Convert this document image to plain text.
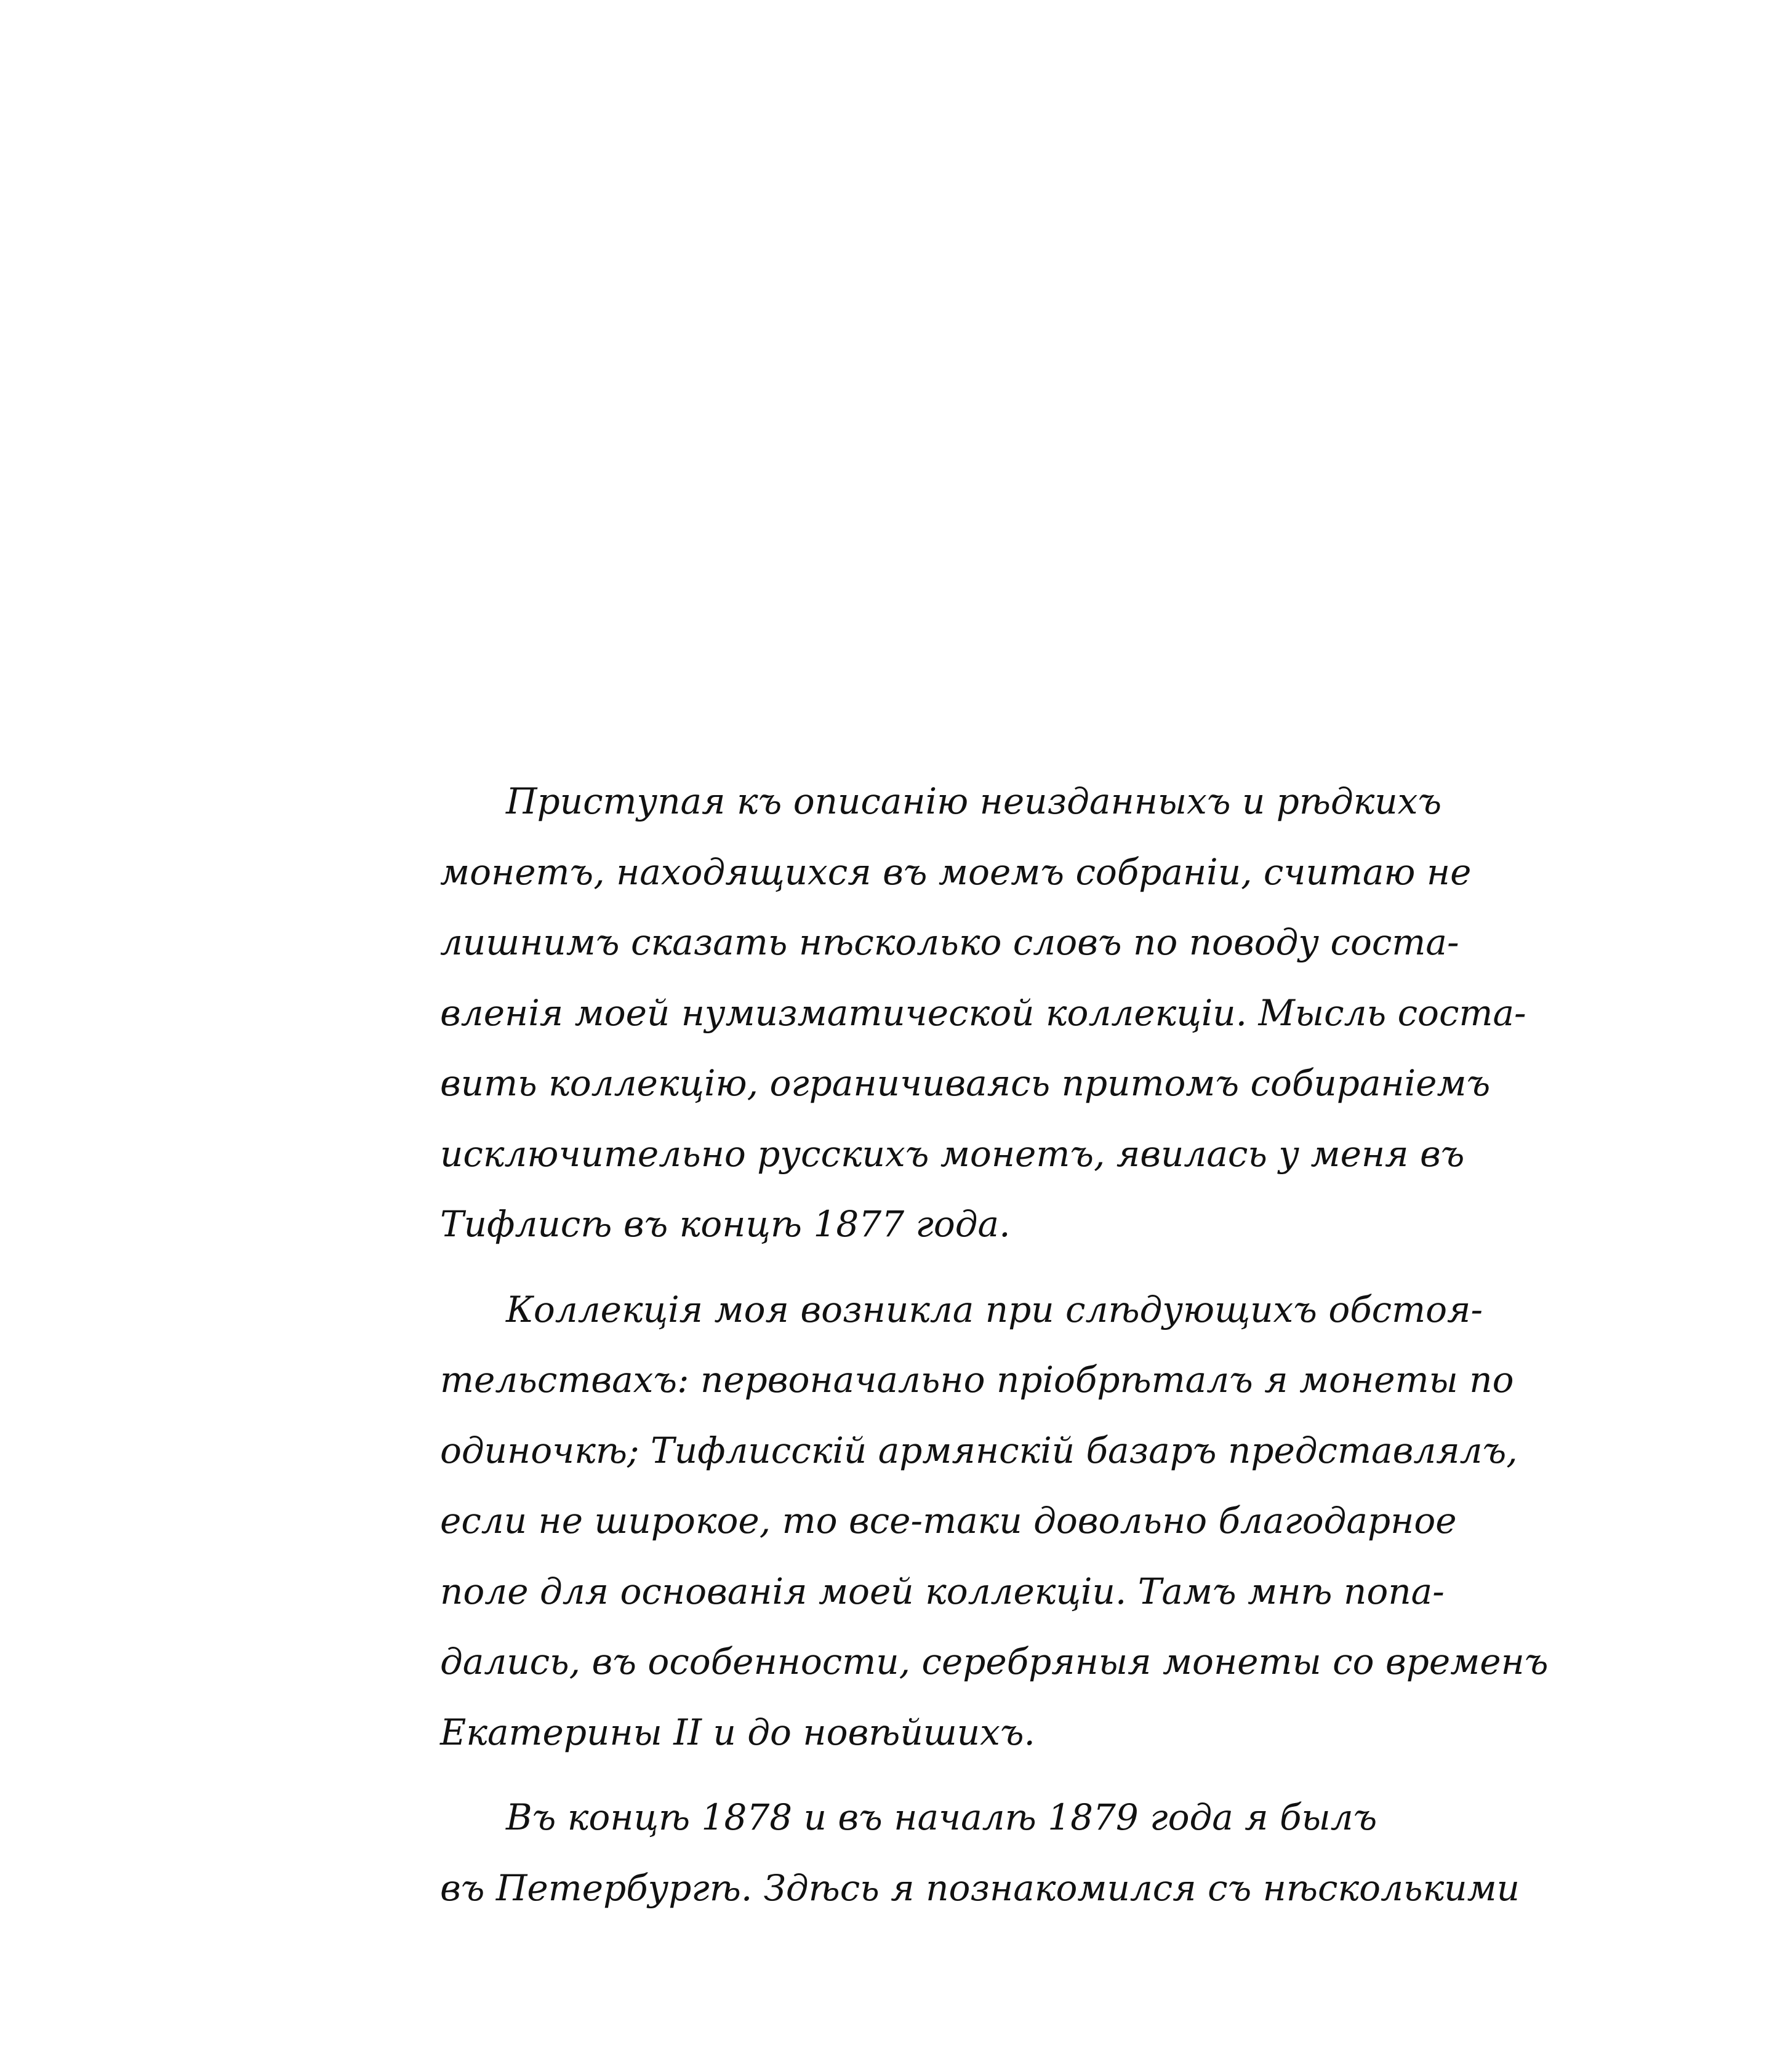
Приступая къ описанію неизданныхъ и рѣдкихъ
монетъ, находящихся въ моемъ собраніи, считаю не
лишнимъ сказать нѣсколько словъ по поводу соста-
вленія моей нумизматической коллекціи. Мысль соста-
вить коллекцію, ограничиваясь притомъ собираніемъ
исключительно русскихъ монетъ, явилась у меня въ
Тифлисѣ въ концѣ 1877 года.

Коллекція моя возникла при слѣдующихъ обстоя-
тельствахъ: первоначально пріобрѣталъ я монеты по
одиночкѣ; Тифлисскій армянскій базаръ представлялъ,
если не широкое, то все-таки довольно благодарное
поле для основанія моей коллекціи. Тамъ мнѣ попа-
дались, въ особенности, серебряныя монеты со временъ
Екатерины II и до новѣйшихъ.

Въ концѣ 1878 и въ началѣ 1879 года я былъ
въ Петербургѣ. Здѣсь я познакомился съ нѣсколькими
